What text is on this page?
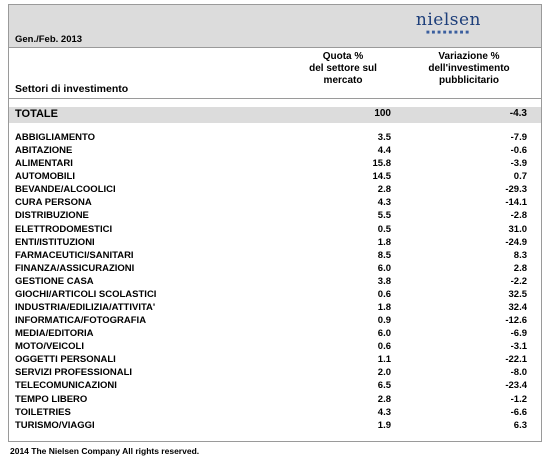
Gen./Feb. 2013
nielsen
■■■■■■■■
Settori di investimento
Quota %
del settore sul
mercato
Variazione %
dell'investimento
pubblicitario
TOTALE	100	-4.3
ABBIGLIAMENTO	3.5	-7.9
ABITAZIONE	4.4	-0.6
ALIMENTARI	15.8	-3.9
AUTOMOBILI	14.5	0.7
BEVANDE/ALCOOLICI	2.8	-29.3
CURA PERSONA	4.3	-14.1
DISTRIBUZIONE	5.5	-2.8
ELETTRODOMESTICI	0.5	31.0
ENTI/ISTITUZIONI	1.8	-24.9
FARMACEUTICI/SANITARI	8.5	8.3
FINANZA/ASSICURAZIONI	6.0	2.8
GESTIONE CASA	3.8	-2.2
GIOCHI/ARTICOLI SCOLASTICI	0.6	32.5
INDUSTRIA/EDILIZIA/ATTIVITA'	1.8	32.4
INFORMATICA/FOTOGRAFIA	0.9	-12.6
MEDIA/EDITORIA	6.0	-6.9
MOTO/VEICOLI	0.6	-3.1
OGGETTI PERSONALI	1.1	-22.1
SERVIZI PROFESSIONALI	2.0	-8.0
TELECOMUNICAZIONI	6.5	-23.4
TEMPO LIBERO	2.8	-1.2
TOILETRIES	4.3	-6.6
TURISMO/VIAGGI	1.9	6.3
2014 The Nielsen Company All rights reserved.
